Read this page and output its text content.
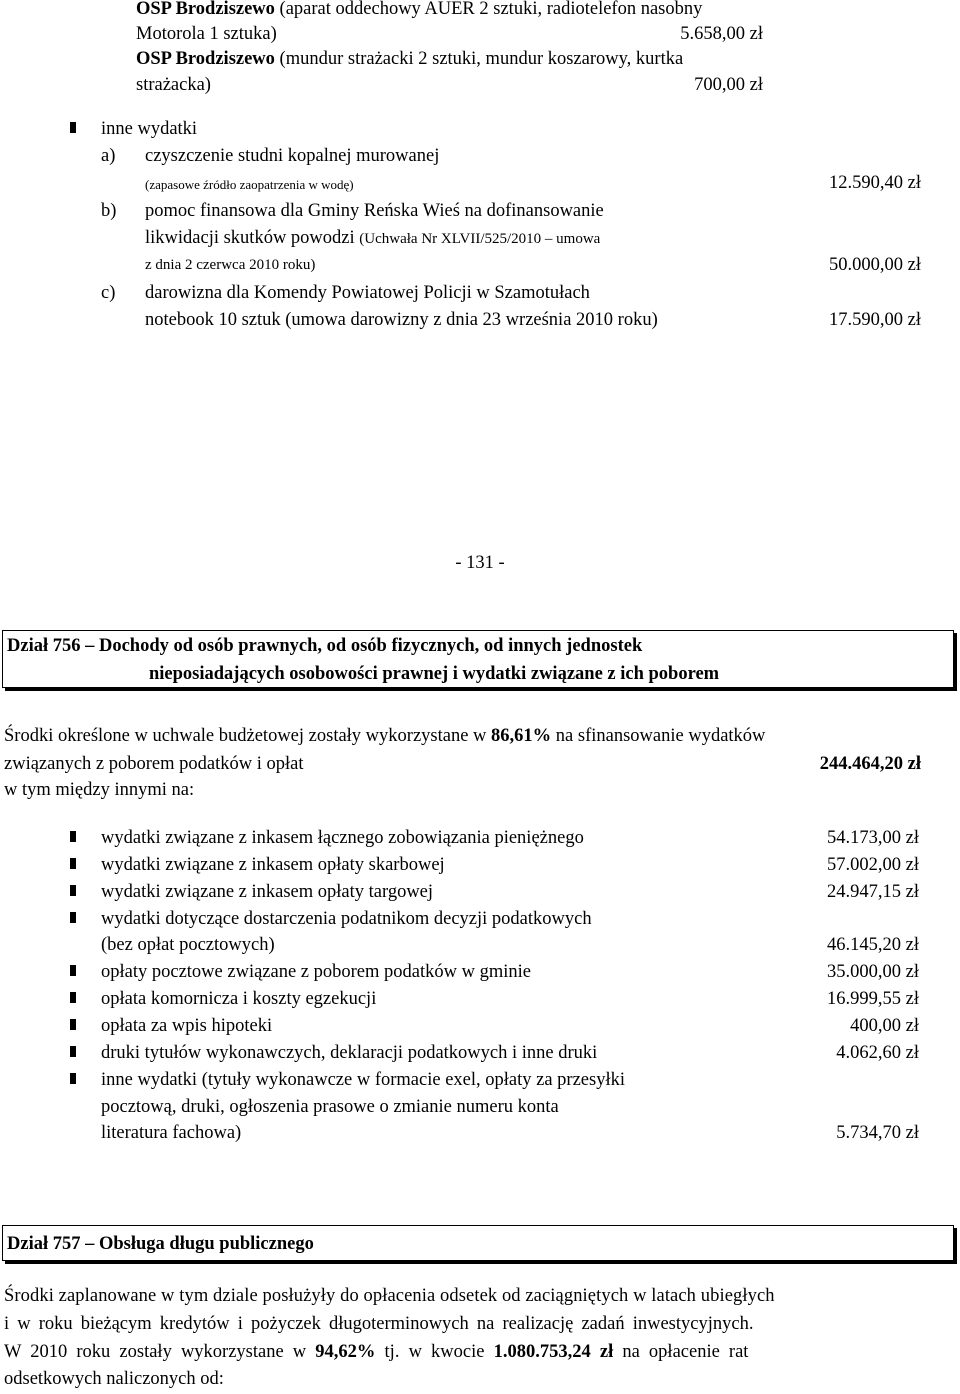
OSP Brodziszewo (aparat oddechowy AUER 2 sztuki, radiotelefon nasobny
Motorola 1 sztuka)	5.658,00 zł
OSP Brodziszewo (mundur strażacki 2 sztuki, mundur koszarowy, kurtka
strażacka)	700,00 zł
inne wydatki
a) czyszczenie studni kopalnej murowanej
(zapasowe źródło zaopatrzenia w wodę)	12.590,40 zł
b) pomoc finansowa dla Gminy Reńska Wieś na dofinansowanie
likwidacji skutków powodzi (Uchwała Nr XLVII/525/2010 – umowa
z dnia 2 czerwca 2010 roku)	50.000,00 zł
c) darowizna dla Komendy Powiatowej Policji w Szamotułach
notebook 10 sztuk (umowa darowizny z dnia 23 września 2010 roku)	17.590,00 zł
- 131 -
Dział 756 – Dochody od osób prawnych, od osób fizycznych, od innych jednostek
nieposiadających osobowości prawnej i wydatki związane z ich poborem
Środki określone w uchwale budżetowej zostały wykorzystane w 86,61% na sfinansowanie wydatków
związanych z poborem podatków i opłat	244.464,20 zł
w tym między innymi na:
wydatki związane z inkasem łącznego zobowiązania pieniężnego	54.173,00 zł
wydatki związane z inkasem opłaty skarbowej	57.002,00 zł
wydatki związane z inkasem opłaty targowej	24.947,15 zł
wydatki dotyczące dostarczenia podatnikom decyzji podatkowych
(bez opłat pocztowych)	46.145,20 zł
opłaty pocztowe związane z poborem podatków w gminie	35.000,00 zł
opłata komornicza i koszty egzekucji	16.999,55 zł
opłata za wpis hipoteki	400,00 zł
druki tytułów wykonawczych, deklaracji podatkowych i inne druki	4.062,60 zł
inne wydatki (tytuły wykonawcze w formacie exel, opłaty za przesyłki
pocztową, druki, ogłoszenia prasowe o zmianie numeru konta
literatura fachowa)	5.734,70 zł
Dział 757 – Obsługa długu publicznego
Środki zaplanowane w tym dziale posłużyły do opłacenia odsetek od zaciągniętych w latach ubiegłych
i w roku bieżącym kredytów i pożyczek długoterminowych na realizację zadań inwestycyjnych.
W 2010 roku zostały wykorzystane w 94,62% tj. w kwocie 1.080.753,24 zł na opłacenie rat
odsetkowych naliczonych od:
